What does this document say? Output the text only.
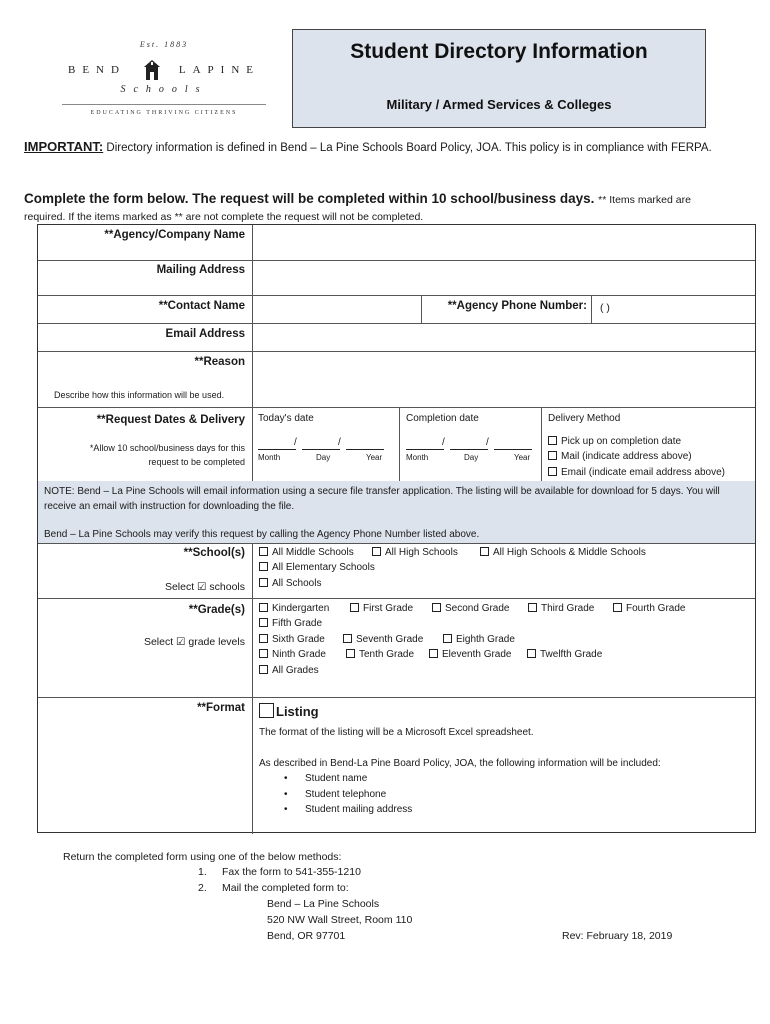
Est. 1883
BEND	LAPINE
Schools
EDUCATING THRIVING CITIZENS
Student Directory Information
Military / Armed Services & Colleges
IMPORTANT: Directory information is defined in Bend – La Pine Schools Board Policy, JOA. This policy is in compliance with FERPA.
Complete the form below. The request will be completed within 10 school/business days. ** Items marked are
required. If the items marked as ** are not complete the request will not be completed.
**Agency/Company Name
Mailing Address
**Contact Name	**Agency Phone Number: ( )
Email Address
**Reason
Describe how this information will be used.
**Request Dates & Delivery
*Allow 10 school/business days for this
request to be completed
Today's date
/	/
Month	Day	Year
Completion date
/	/
Month	Day	Year
Delivery Method
Pick up on completion date
Mail (indicate address above)
Email (indicate email address above)
NOTE: Bend – La Pine Schools will email information using a secure file transfer application. The listing will be available for download for 5 days. You will receive an email with instruction for downloading the file.
Bend – La Pine Schools may verify this request by calling the Agency Phone Number listed above.
**School(s)
Select ☑ schools
All Middle Schools	All High Schools	All High Schools & Middle Schools
All Elementary Schools
All Schools
**Grade(s)
Select ☑ grade levels
Kindergarten	First Grade	Second Grade	Third Grade	Fourth Grade
Fifth Grade
Sixth Grade	Seventh Grade	Eighth Grade
Ninth Grade	Tenth Grade	Eleventh Grade	Twelfth Grade
All Grades
**Format	Listing
The format of the listing will be a Microsoft Excel spreadsheet.
As described in Bend-La Pine Board Policy, JOA, the following information will be included:
• Student name
• Student telephone
• Student mailing address
Return the completed form using one of the below methods:
1. Fax the form to 541-355-1210
2. Mail the completed form to:
Bend – La Pine Schools
520 NW Wall Street, Room 110
Bend, OR 97701	Rev: February 18, 2019
